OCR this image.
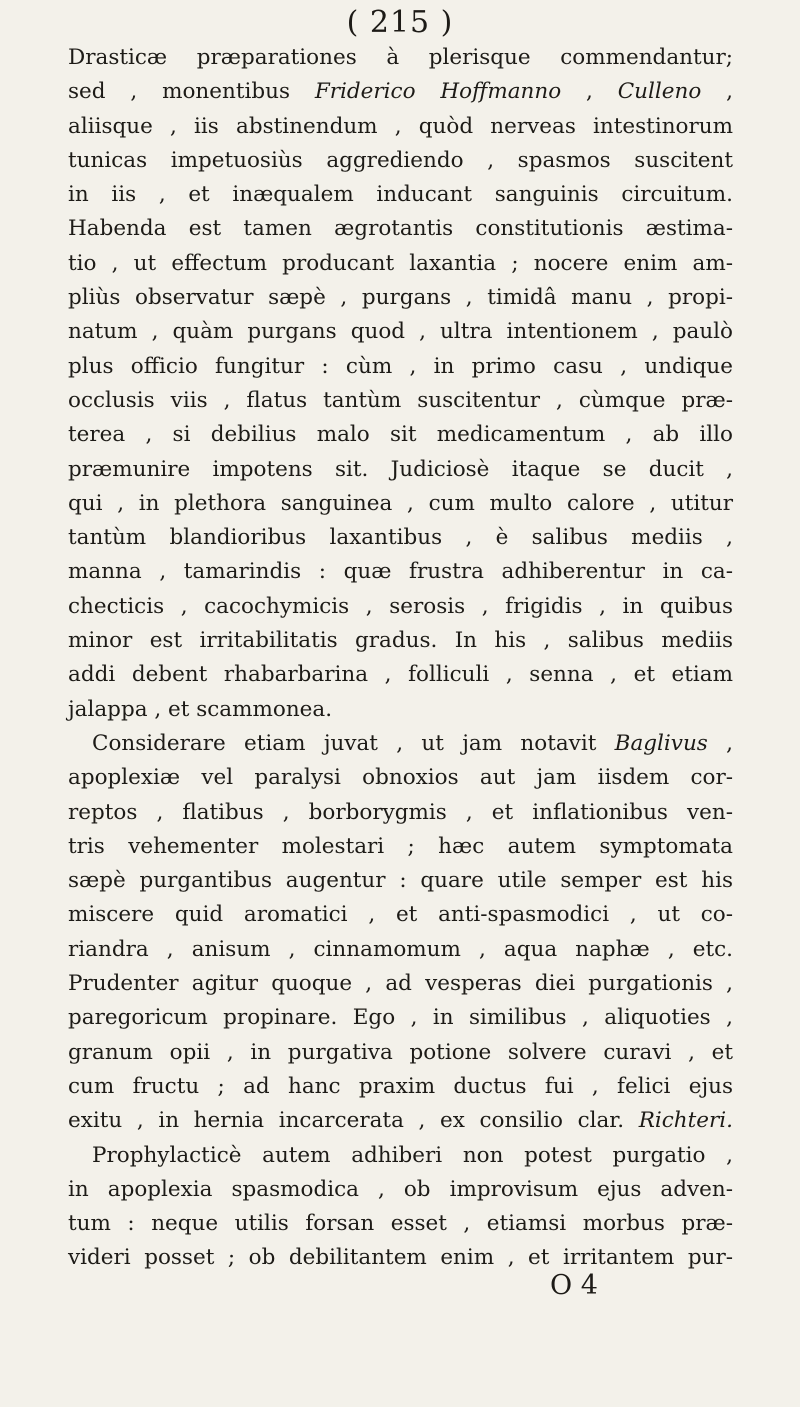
( 215 )
Drasticæ præparationes à plerisque commendantur;
sed , monentibus Friderico Hoffmanno , Culleno ,
aliisque , iis abstinendum , quòd nerveas intestinorum
tunicas impetuosiùs aggrediendo , spasmos suscitent
in iis , et inæqualem inducant sanguinis circuitum.
Habenda est tamen ægrotantis constitutionis æstima-
tio , ut effectum producant laxantia ; nocere enim am-
pliùs observatur sæpè , purgans , timidâ manu , propi-
natum , quàm purgans quod , ultra intentionem , paulò
plus officio fungitur : cùm , in primo casu , undique
occlusis viis , flatus tantùm suscitentur , cùmque præ-
terea , si debilius malo sit medicamentum , ab illo
præmunire impotens sit. Judiciosè itaque se ducit ,
qui , in plethora sanguinea , cum multo calore , utitur
tantùm blandioribus laxantibus , è salibus mediis ,
manna , tamarindis : quæ frustra adhiberentur in ca-
checticis , cacochymicis , serosis , frigidis , in quibus
minor est irritabilitatis gradus. In his , salibus mediis
addi debent rhabarbarina , folliculi , senna , et etiam
jalappa , et scammonea.
Considerare etiam juvat , ut jam notavit Baglivus ,
apoplexiæ vel paralysi obnoxios aut jam iisdem cor-
reptos , flatibus , borborygmis , et inflationibus ven-
tris vehementer molestari ; hæc autem symptomata
sæpè purgantibus augentur : quare utile semper est his
miscere quid aromatici , et anti-spasmodici , ut co-
riandra , anisum , cinnamomum , aqua naphæ , etc.
Prudenter agitur quoque , ad vesperas diei purgationis ,
paregoricum propinare. Ego , in similibus , aliquoties ,
granum opii , in purgativa potione solvere curavi , et
cum fructu ; ad hanc praxim ductus fui , felici ejus
exitu , in hernia incarcerata , ex consilio clar. Richteri.
Prophylacticè autem adhiberi non potest purgatio ,
in apoplexia spasmodica , ob improvisum ejus adven-
tum : neque utilis forsan esset , etiamsi morbus præ-
videri posset ; ob debilitantem enim , et irritantem pur-
O 4
